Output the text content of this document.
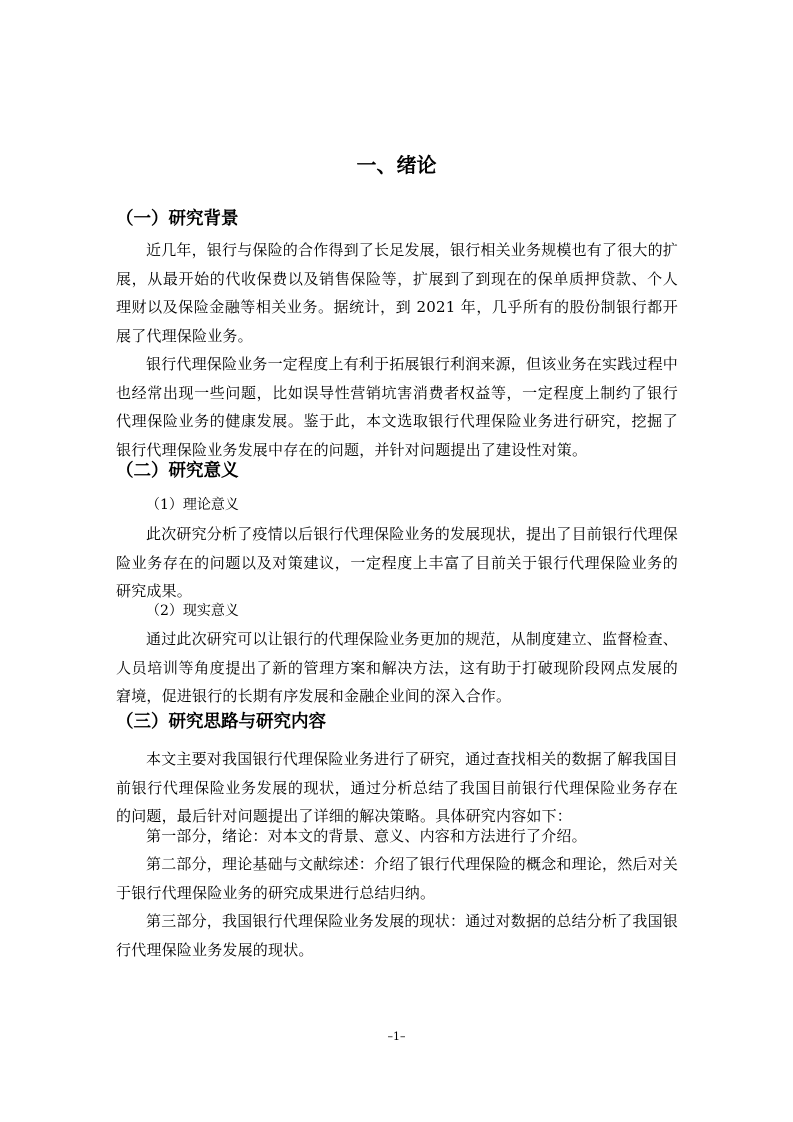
一、绪论
（一）研究背景

近几年，银行与保险的合作得到了长足发展，银行相关业务规模也有了很大的扩展，从最开始的代收保费以及销售保险等，扩展到了到现在的保单质押贷款、个人理财以及保险金融等相关业务。据统计，到 2021 年，几乎所有的股份制银行都开展了代理保险业务。

银行代理保险业务一定程度上有利于拓展银行利润来源，但该业务在实践过程中也经常出现一些问题，比如误导性营销坑害消费者权益等，一定程度上制约了银行代理保险业务的健康发展。鉴于此，本文选取银行代理保险业务进行研究，挖掘了银行代理保险业务发展中存在的问题，并针对问题提出了建设性对策。

（二）研究意义

（1）理论意义

此次研究分析了疫情以后银行代理保险业务的发展现状，提出了目前银行代理保险业务存在的问题以及对策建议，一定程度上丰富了目前关于银行代理保险业务的研究成果。

（2）现实意义

通过此次研究可以让银行的代理保险业务更加的规范，从制度建立、监督检查、人员培训等角度提出了新的管理方案和解决方法，这有助于打破现阶段网点发展的窘境，促进银行的长期有序发展和金融企业间的深入合作。

（三）研究思路与研究内容

本文主要对我国银行代理保险业务进行了研究，通过查找相关的数据了解我国目前银行代理保险业务发展的现状，通过分析总结了我国目前银行代理保险业务存在的问题，最后针对问题提出了详细的解决策略。具体研究内容如下：

第一部分，绪论：对本文的背景、意义、内容和方法进行了介绍。

第二部分，理论基础与文献综述：介绍了银行代理保险的概念和理论，然后对关于银行代理保险业务的研究成果进行总结归纳。

第三部分，我国银行代理保险业务发展的现状：通过对数据的总结分析了我国银行代理保险业务发展的现状。

–1–
